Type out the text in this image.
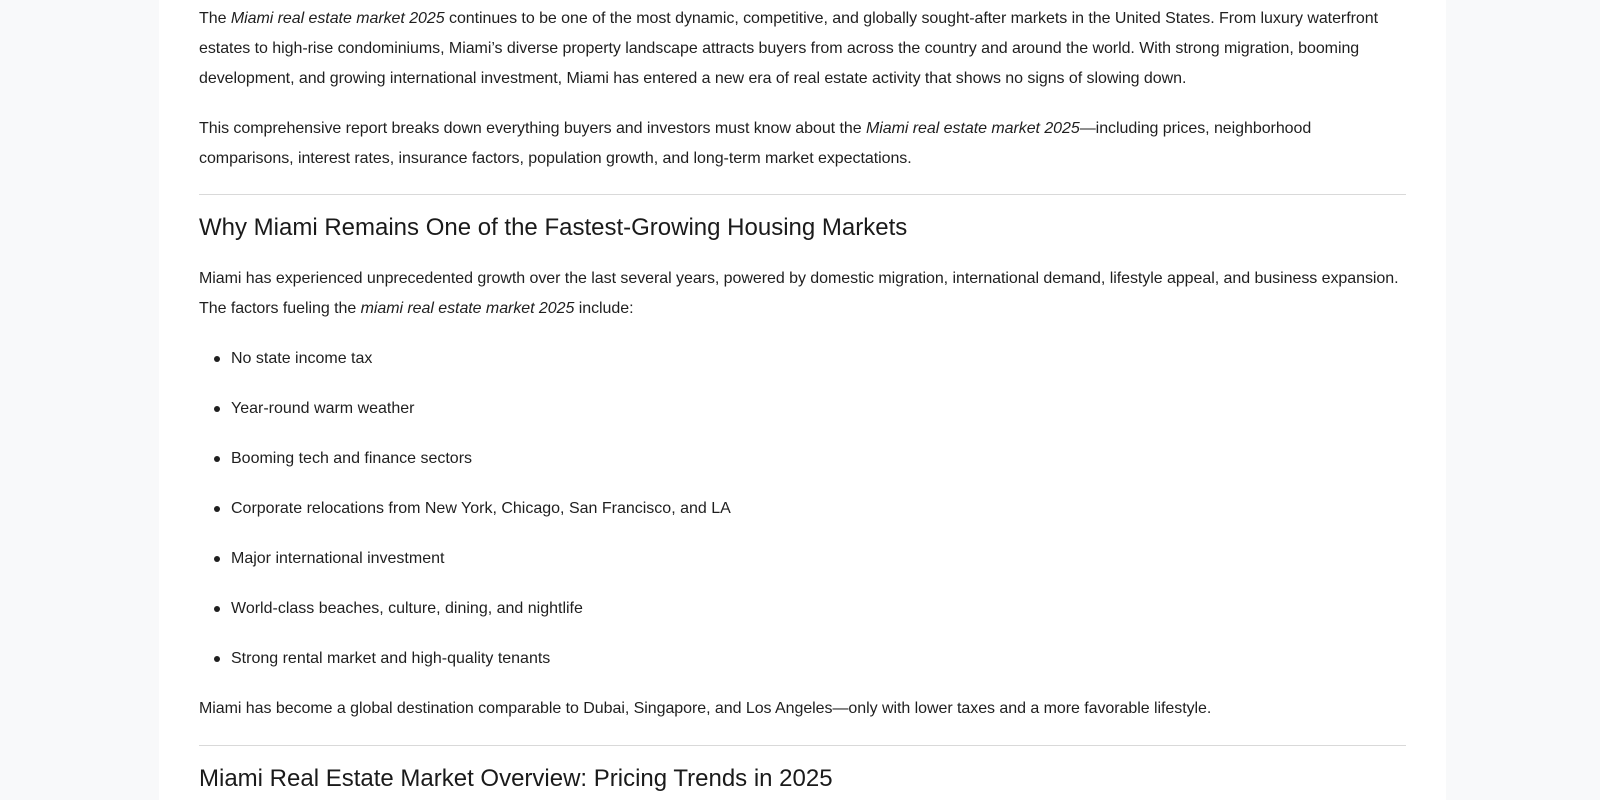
The Miami real estate market 2025 continues to be one of the most dynamic, competitive, and globally sought-after markets in the United States. From luxury waterfront estates to high-rise condominiums, Miami’s diverse property landscape attracts buyers from across the country and around the world. With strong migration, booming development, and growing international investment, Miami has entered a new era of real estate activity that shows no signs of slowing down.

This comprehensive report breaks down everything buyers and investors must know about the Miami real estate market 2025—including prices, neighborhood comparisons, interest rates, insurance factors, population growth, and long-term market expectations.

Why Miami Remains One of the Fastest-Growing Housing Markets

Miami has experienced unprecedented growth over the last several years, powered by domestic migration, international demand, lifestyle appeal, and business expansion. The factors fueling the miami real estate market 2025 include:

No state income tax
Year-round warm weather
Booming tech and finance sectors
Corporate relocations from New York, Chicago, San Francisco, and LA
Major international investment
World-class beaches, culture, dining, and nightlife
Strong rental market and high-quality tenants

Miami has become a global destination comparable to Dubai, Singapore, and Los Angeles—only with lower taxes and a more favorable lifestyle.

Miami Real Estate Market Overview: Pricing Trends in 2025
